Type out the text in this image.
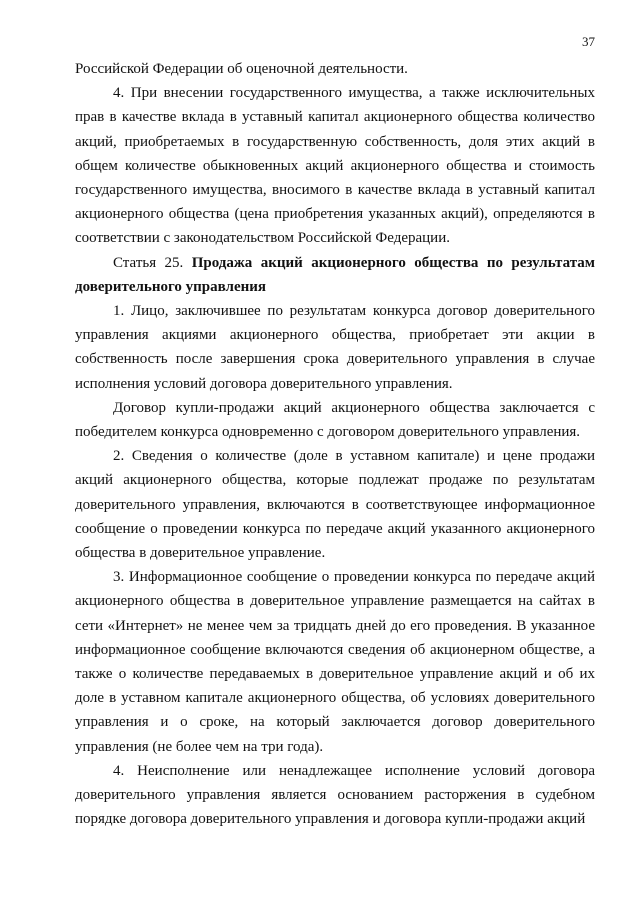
37

Российской Федерации об оценочной деятельности.

4. При внесении государственного имущества, а также исключительных прав в качестве вклада в уставный капитал акционерного общества количество акций, приобретаемых в государственную собственность, доля этих акций в общем количестве обыкновенных акций акционерного общества и стоимость государственного имущества, вносимого в качестве вклада в уставный капитал акционерного общества (цена приобретения указанных акций), определяются в соответствии с законодательством Российской Федерации.

Статья 25. Продажа акций акционерного общества по результатам доверительного управления

1. Лицо, заключившее по результатам конкурса договор доверительного управления акциями акционерного общества, приобретает эти акции в собственность после завершения срока доверительного управления в случае исполнения условий договора доверительного управления.

Договор купли-продажи акций акционерного общества заключается с победителем конкурса одновременно с договором доверительного управления.

2. Сведения о количестве (доле в уставном капитале) и цене продажи акций акционерного общества, которые подлежат продаже по результатам доверительного управления, включаются в соответствующее информационное сообщение о проведении конкурса по передаче акций указанного акционерного общества в доверительное управление.

3. Информационное сообщение о проведении конкурса по передаче акций акционерного общества в доверительное управление размещается на сайтах в сети «Интернет» не менее чем за тридцать дней до его проведения. В указанное информационное сообщение включаются сведения об акционерном обществе, а также о количестве передаваемых в доверительное управление акций и об их доле в уставном капитале акционерного общества, об условиях доверительного управления и о сроке, на который заключается договор доверительного управления (не более чем на три года).

4. Неисполнение или ненадлежащее исполнение условий договора доверительного управления является основанием расторжения в судебном порядке договора доверительного управления и договора купли-продажи акций
